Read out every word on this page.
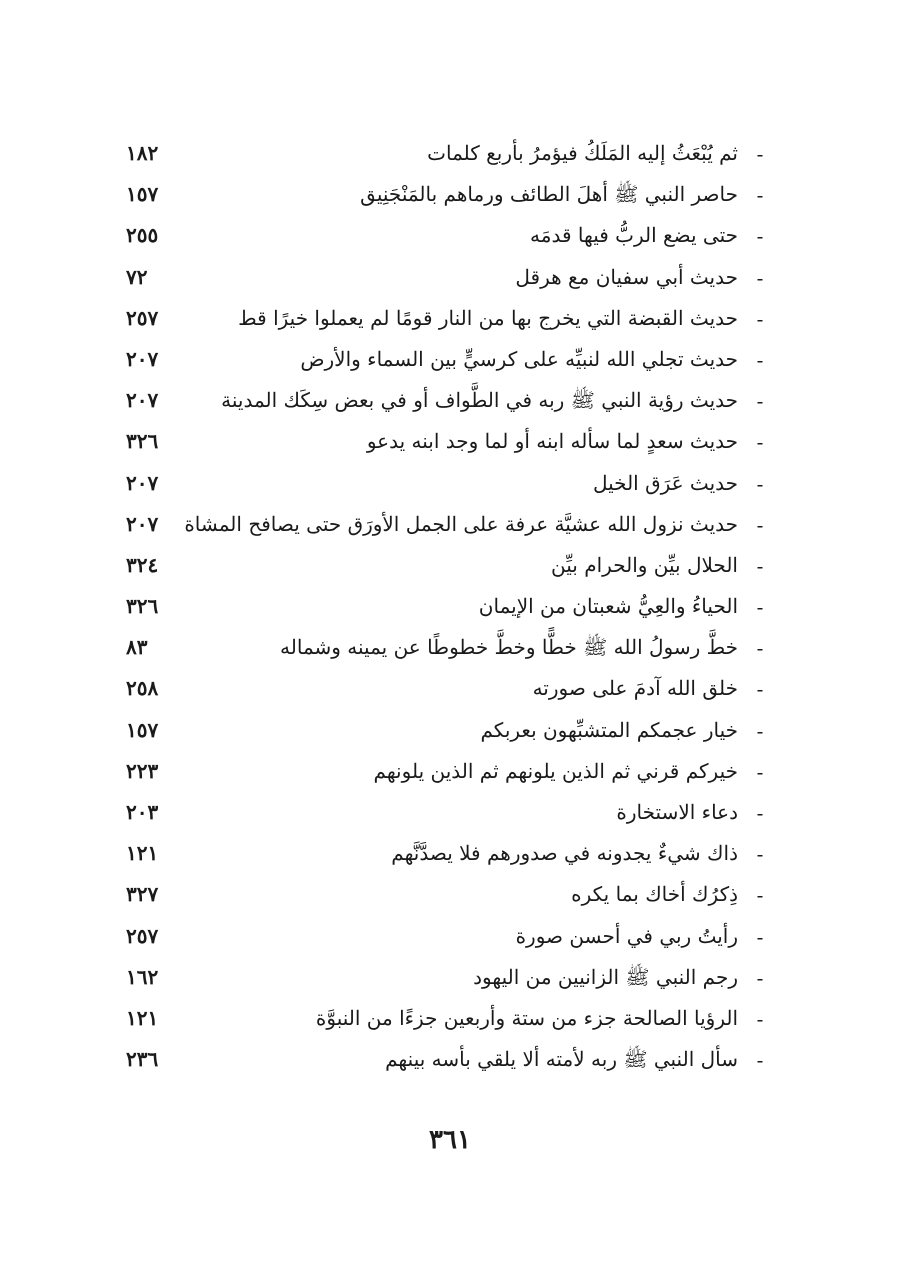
-
ثم يُبْعَثُ إليه المَلَكُ فيؤمرُ بأربع كلمات
١٨٢
-
حاصر النبي ﷺ أهلَ الطائف ورماهم بالمَنْجَنِيق
١٥٧
-
حتى يضع الربُّ فيها قدمَه
٢٥٥
-
حديث أبي سفيان مع هرقل
٧٢
-
حديث القبضة التي يخرج بها من النار قومًا لم يعملوا خيرًا قط
٢٥٧
-
حديث تجلي الله لنبيِّه على كرسيٍّ بين السماء والأرض
٢٠٧
-
حديث رؤية النبي ﷺ ربه في الطَّواف أو في بعض سِكَك المدينة
٢٠٧
-
حديث سعدٍ لما سأله ابنه أو لما وجد ابنه يدعو
٣٢٦
-
حديث عَرَق الخيل
٢٠٧
-
حديث نزول الله عشيَّة عرفة على الجمل الأورَق حتى يصافح المشاة
٢٠٧
-
الحلال بيِّن والحرام بيِّن
٣٢٤
-
الحياءُ والعِيُّ شعبتان من الإيمان
٣٢٦
-
خطَّ رسولُ الله ﷺ خطًّا وخطَّ خطوطًا عن يمينه وشماله
٨٣
-
خلق الله آدمَ على صورته
٢٥٨
-
خيار عجمكم المتشبِّهون بعربكم
١٥٧
-
خيركم قرني ثم الذين يلونهم ثم الذين يلونهم
٢٢٣
-
دعاء الاستخارة
٢٠٣
-
ذاك شيءٌ يجدونه في صدورهم فلا يصدَّنَّهم
١٢١
-
ذِكرُك أخاك بما يكره
٣٢٧
-
رأيتُ ربي في أحسن صورة
٢٥٧
-
رجم النبي ﷺ الزانيين من اليهود
١٦٢
-
الرؤيا الصالحة جزء من ستة وأربعين جزءًا من النبوَّة
١٢١
-
سأل النبي ﷺ ربه لأمته ألا يلقي بأسه بينهم
٢٣٦
٣٦١
